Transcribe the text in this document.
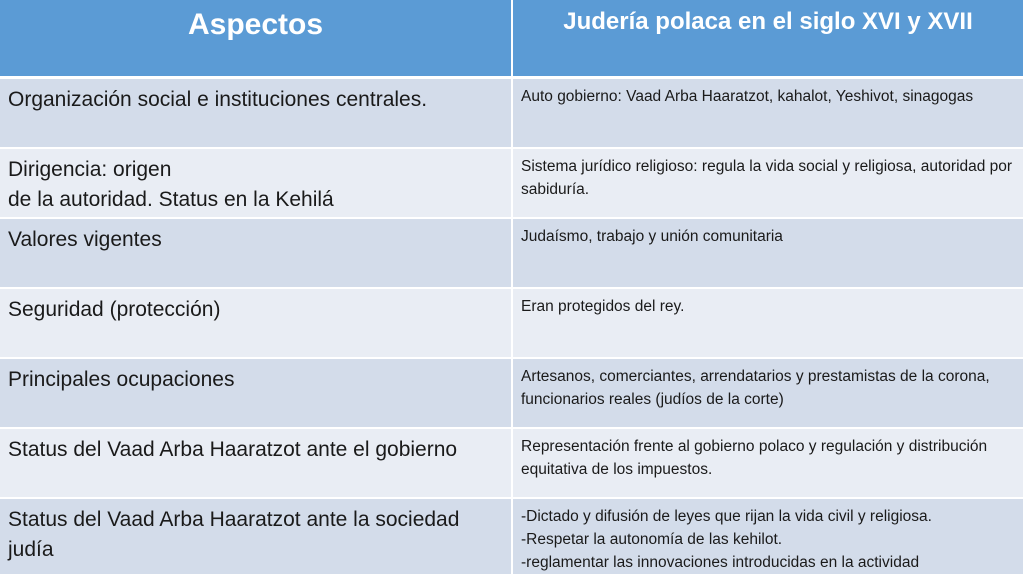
Aspectos	Judería polaca en el siglo XVI y XVII
Organización social e instituciones centrales.	Auto gobierno: Vaad Arba Haaratzot, kahalot, Yeshivot, sinagogas

Dirigencia: origen
de la autoridad. Status en la Kehilá	Sistema jurídico religioso: regula la vida social y religiosa, autoridad por sabiduría.
Valores vigentes	Judaísmo, trabajo y unión comunitaria
Seguridad (protección)	Eran protegidos del rey.
Principales ocupaciones	Artesanos, comerciantes, arrendatarios y prestamistas de la corona, funcionarios reales (judíos de la corte)
Status del Vaad Arba Haaratzot ante el gobierno	Representación frente al gobierno polaco y regulación y distribución equitativa de los impuestos.
Status del Vaad Arba Haaratzot ante la sociedad judía	-Dictado y difusión de leyes que rijan la vida civil y religiosa.
-Respetar la autonomía de las kehilot.
-reglamentar las innovaciones introducidas en la actividad
